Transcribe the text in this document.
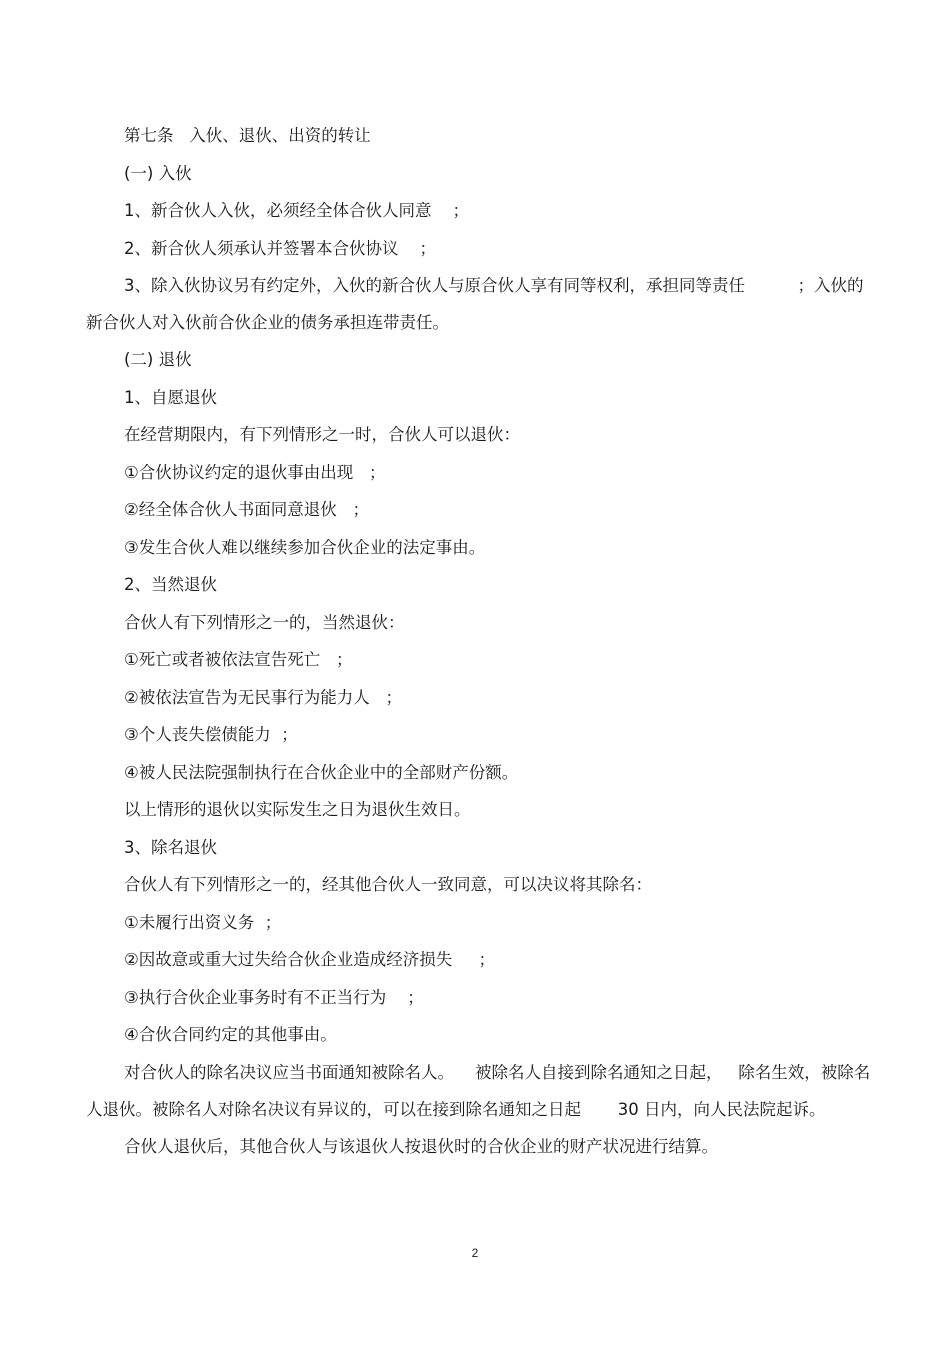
第七条   入伙、退伙、出资的转让

(一) 入伙

1、新合伙人入伙，必须经全体合伙人同意    ；

2、新合伙人须承认并签署本合伙协议    ；

3、除入伙协议另有约定外，入伙的新合伙人与原合伙人享有同等权利，承担同等责任          ；入伙的新合伙人对入伙前合伙企业的债务承担连带责任。

(二) 退伙

1、自愿退伙

在经营期限内，有下列情形之一时，合伙人可以退伙：

①合伙协议约定的退伙事由出现   ；

②经全体合伙人书面同意退伙   ；

③发生合伙人难以继续参加合伙企业的法定事由。

2、当然退伙

合伙人有下列情形之一的，当然退伙：

①死亡或者被依法宣告死亡   ；

②被依法宣告为无民事行为能力人   ；

③个人丧失偿债能力  ；

④被人民法院强制执行在合伙企业中的全部财产份额。

以上情形的退伙以实际发生之日为退伙生效日。

3、除名退伙

合伙人有下列情形之一的，经其他合伙人一致同意，可以决议将其除名：

①未履行出资义务  ；

②因故意或重大过失给合伙企业造成经济损失     ；

③执行合伙企业事务时有不正当行为    ；

④合伙合同约定的其他事由。

对合伙人的除名决议应当书面通知被除名人。    被除名人自接到除名通知之日起，   除名生效，被除名人退伙。被除名人对除名决议有异议的，可以在接到除名通知之日起       30 日内，向人民法院起诉。

合伙人退伙后，其他合伙人与该退伙人按退伙时的合伙企业的财产状况进行结算。

2
